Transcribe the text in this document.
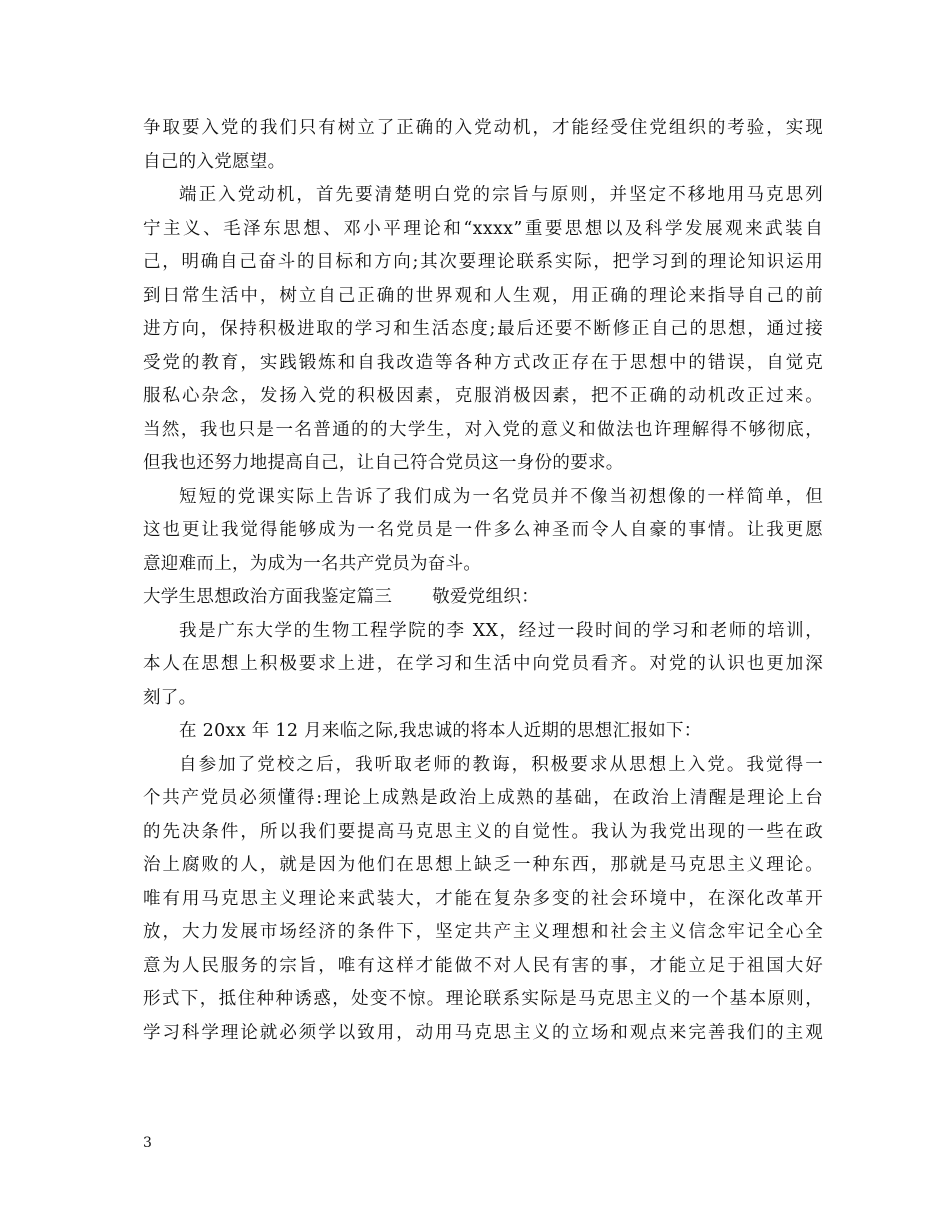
争取要入党的我们只有树立了正确的入党动机，才能经受住党组织的考验，实现
自己的入党愿望。
端正入党动机，首先要清楚明白党的宗旨与原则，并坚定不移地用马克思列
宁主义、毛泽东思想、邓小平理论和“xxxx”重要思想以及科学发展观来武装自
己，明确自己奋斗的目标和方向;其次要理论联系实际，把学习到的理论知识运用
到日常生活中，树立自己正确的世界观和人生观，用正确的理论来指导自己的前
进方向，保持积极进取的学习和生活态度;最后还要不断修正自己的思想，通过接
受党的教育，实践锻炼和自我改造等各种方式改正存在于思想中的错误，自觉克
服私心杂念，发扬入党的积极因素，克服消极因素，把不正确的动机改正过来。
当然，我也只是一名普通的的大学生，对入党的意义和做法也许理解得不够彻底，
但我也还努力地提高自己，让自己符合党员这一身份的要求。
短短的党课实际上告诉了我们成为一名党员并不像当初想像的一样简单，但
这也更让我觉得能够成为一名党员是一件多么神圣而令人自豪的事情。让我更愿
意迎难而上，为成为一名共产党员为奋斗。
大学生思想政治方面我鉴定篇三 敬爱党组织：
我是广东大学的生物工程学院的李 XX，经过一段时间的学习和老师的培训，
本人在思想上积极要求上进，在学习和生活中向党员看齐。对党的认识也更加深
刻了。
在 20xx 年 12 月来临之际,我忠诚的将本人近期的思想汇报如下：
自参加了党校之后，我听取老师的教诲，积极要求从思想上入党。我觉得一
个共产党员必须懂得:理论上成熟是政治上成熟的基础，在政治上清醒是理论上台
的先决条件，所以我们要提高马克思主义的自觉性。我认为我党出现的一些在政
治上腐败的人，就是因为他们在思想上缺乏一种东西，那就是马克思主义理论。
唯有用马克思主义理论来武装大，才能在复杂多变的社会环境中，在深化改革开
放，大力发展市场经济的条件下，坚定共产主义理想和社会主义信念牢记全心全
意为人民服务的宗旨，唯有这样才能做不对人民有害的事，才能立足于祖国大好
形式下，抵住种种诱惑，处变不惊。理论联系实际是马克思主义的一个基本原则，
学习科学理论就必须学以致用，动用马克思主义的立场和观点来完善我们的主观
3
